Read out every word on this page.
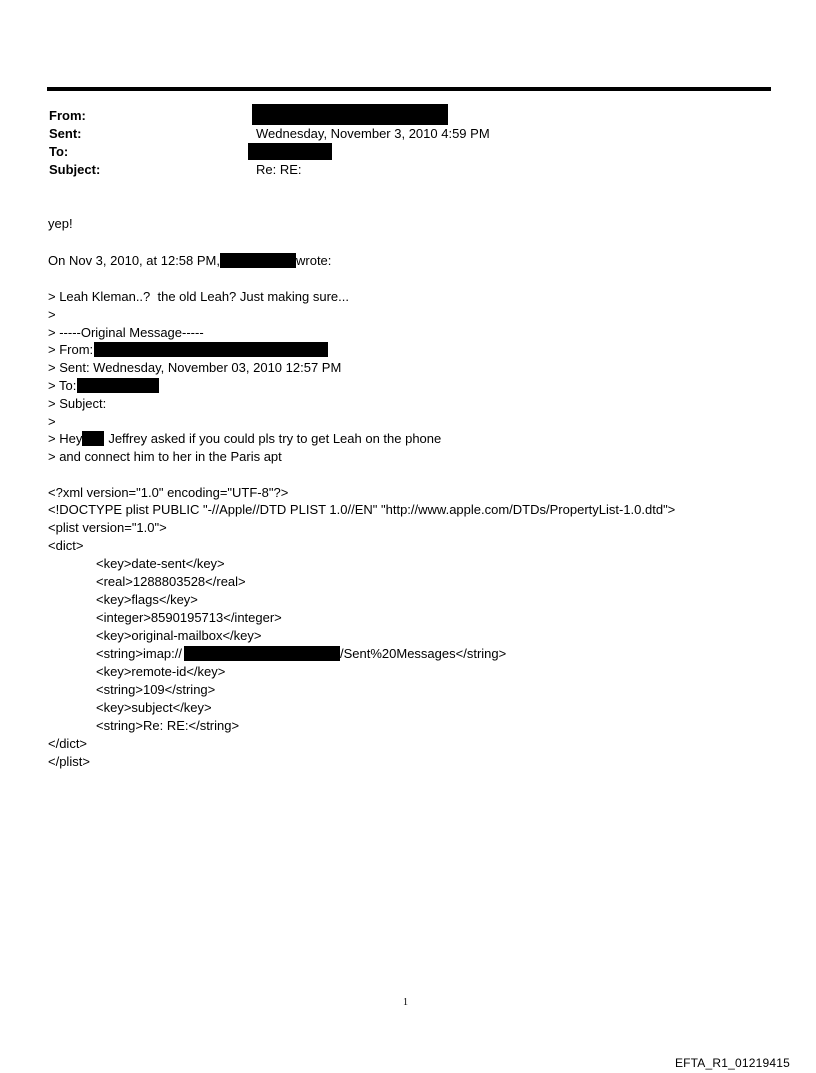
From:
Sent:	Wednesday, November 3, 2010 4:59 PM
To:
Subject:	Re: RE:
yep!
On Nov 3, 2010, at 12:58 PM,	wrote:
> Leah Kleman..?  the old Leah? Just making sure...
>
> -----Original Message-----
> From:
> Sent: Wednesday, November 03, 2010 12:57 PM
> To:
> Subject:
>
> Hey Jeffrey asked if you could pls try to get Leah on the phone
> and connect him to her in the Paris apt
<?xml version="1.0" encoding="UTF-8"?>
<!DOCTYPE plist PUBLIC "-//Apple//DTD PLIST 1.0//EN" "http://www.apple.com/DTDs/PropertyList-1.0.dtd">
<plist version="1.0">
<dict>
<key>date-sent</key>
<real>1288803528</real>
<key>flags</key>
<integer>8590195713</integer>
<key>original-mailbox</key>
<string>imap://	/Sent%20Messages</string>
<key>remote-id</key>
<string>109</string>
<key>subject</key>
<string>Re: RE:</string>
</dict>
</plist>
1
EFTA_R1_01219415
